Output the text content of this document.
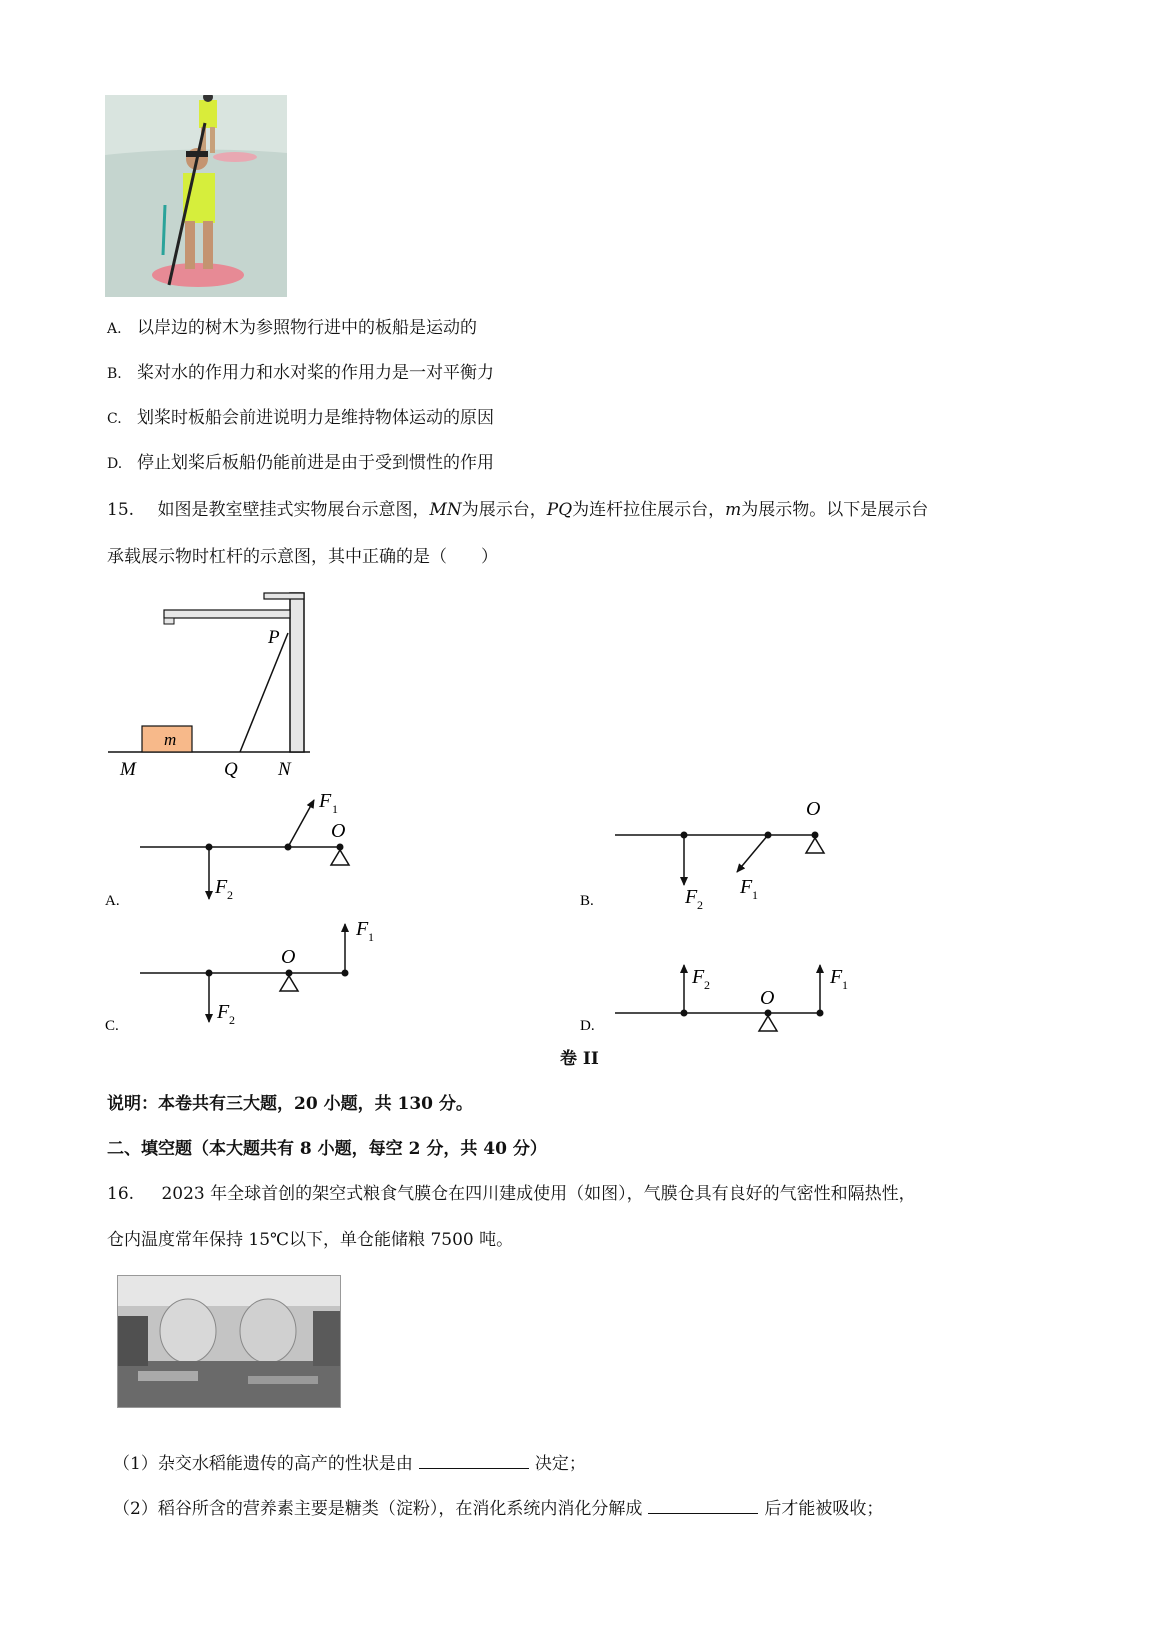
A. 以岸边的树木为参照物行进中的板船是运动的
B. 桨对水的作用力和水对桨的作用力是一对平衡力
C. 划桨时板船会前进说明力是维持物体运动的原因
D. 停止划桨后板船仍能前进是由于受到惯性的作用
15. 如图是教室壁挂式实物展台示意图，MN为展示台，PQ为连杆拉住展示台，m为展示物。以下是展示台
承载展示物时杠杆的示意图，其中正确的是（　　）
m
P
M	Q N
A.
O
F 1
F 2	B.
O
F 1
F 2
C.
O
F 1
F 2	D.
O
F 2	F 1
卷 II
说明：本卷共有三大题，20 小题，共 130 分。
二、填空题（本大题共有 8 小题，每空 2 分，共 40 分）
16. 2023 年全球首创的架空式粮食气膜仓在四川建成使用（如图），气膜仓具有良好的气密性和隔热性，
仓内温度常年保持 15℃以下，单仓能储粮 7500 吨。
（1）杂交水稻能遗传的高产的性状是由	决定；
（2）稻谷所含的营养素主要是糖类（淀粉），在消化系统内消化分解成	后才能被吸收；
